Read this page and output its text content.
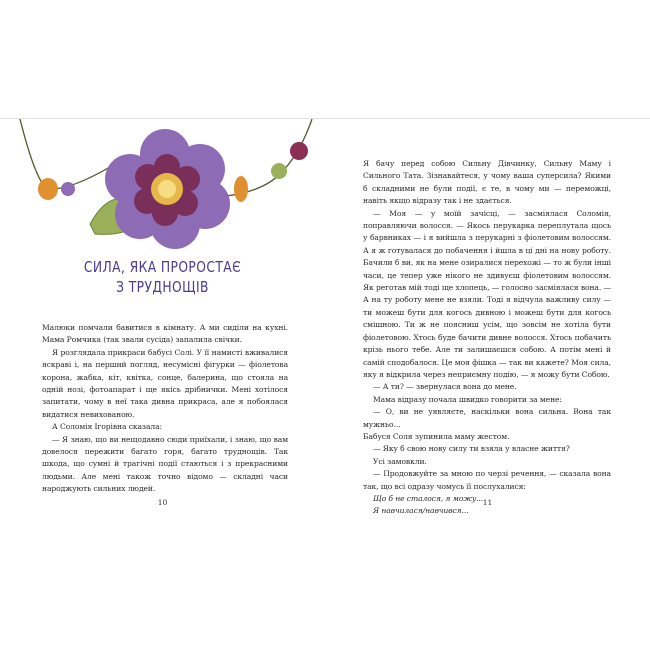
СИЛА, ЯКА ПРОРОСТАЄ
З ТРУДНОЩІВ

Малюки помчали бавитися в кімнату. А ми сиділи на кухні. Мама Ромчика (так звали сусіда) запалила свічки.

Я розглядала прикраси бабусі Солі. У її намисті вживалися яскраві і, на перший погляд, несумісні фігурки — фіолетова корона, жабка, кіт, квітка, сонце, балерина, що стояла на одній нозі, фотоапарат і ще якісь дрібнички. Мені хотілося запитати, чому в неї така дивна прикраса, але я побоялася видатися невихованою.

А Соломія Ігорівна сказала:

— Я знаю, що ви нещодавно сюди приїхали, і знаю, що вам довелося пережити багато горя, багато труднощів. Так шкода, що сумні й трагічні події стаються і з прекрасними людьми. Але мені також точно відомо — складні часи народжують сильних людей.

10

Я бачу перед собою Сильну Дівчинку, Сильну Маму і Сильного Тата. Зізнавайтеся, у чому ваша суперсила? Якими б складними не були події, є те, в чому ми — переможці, навіть якщо відразу так і не здається.

— Моя — у моїй зачісці, — засміялася Соломія, поправляючи волосся. — Якось перукарка переплутала щось у барвниках — і я вийшла з перукарні з фіолетовим волоссям. А я ж готувалася до побачення і йшла в ці дні на нову роботу. Бачили б ви, як на мене озиралися перехожі — то ж були інші часи, це тепер уже нікого не здивуєш фіолетовим волоссям. Як реготав мій тоді ще хлопець, — голосно засміялася вона. — А на ту роботу мене не взяли. Тоді я відчула важливу силу — ти можеш бути для когось дивною і можеш бути для когось смішною. Ти ж не поясниш усім, що зовсім не хотіла бути фіолетовою. Хтось буде бачити дивне волосся. Хтось побачить крізь нього тебе. Але ти залишаєшся собою. А потім мені й самій сподобалося. Це моя фішка — так ви кажете? Моя сила, яку я відкрила через неприємну подію, — я можу бути Собою.

— А ти? — звернулася вона до мене.

Мама відразу почала швидко говорити за мене:

— О, ви не уявляєте, наскільки вона сильна. Вона так мужньо...

Бабуся Соля зупинила маму жестом.

— Яку б свою нову силу ти взяла у власне життя?

Усі замовкли.

— Продовжуйте за мною по черзі речення, — сказала вона так, що всі одразу чомусь її послухалися:

Що б не сталося, я можу...

Я навчилася/навчився...

11
